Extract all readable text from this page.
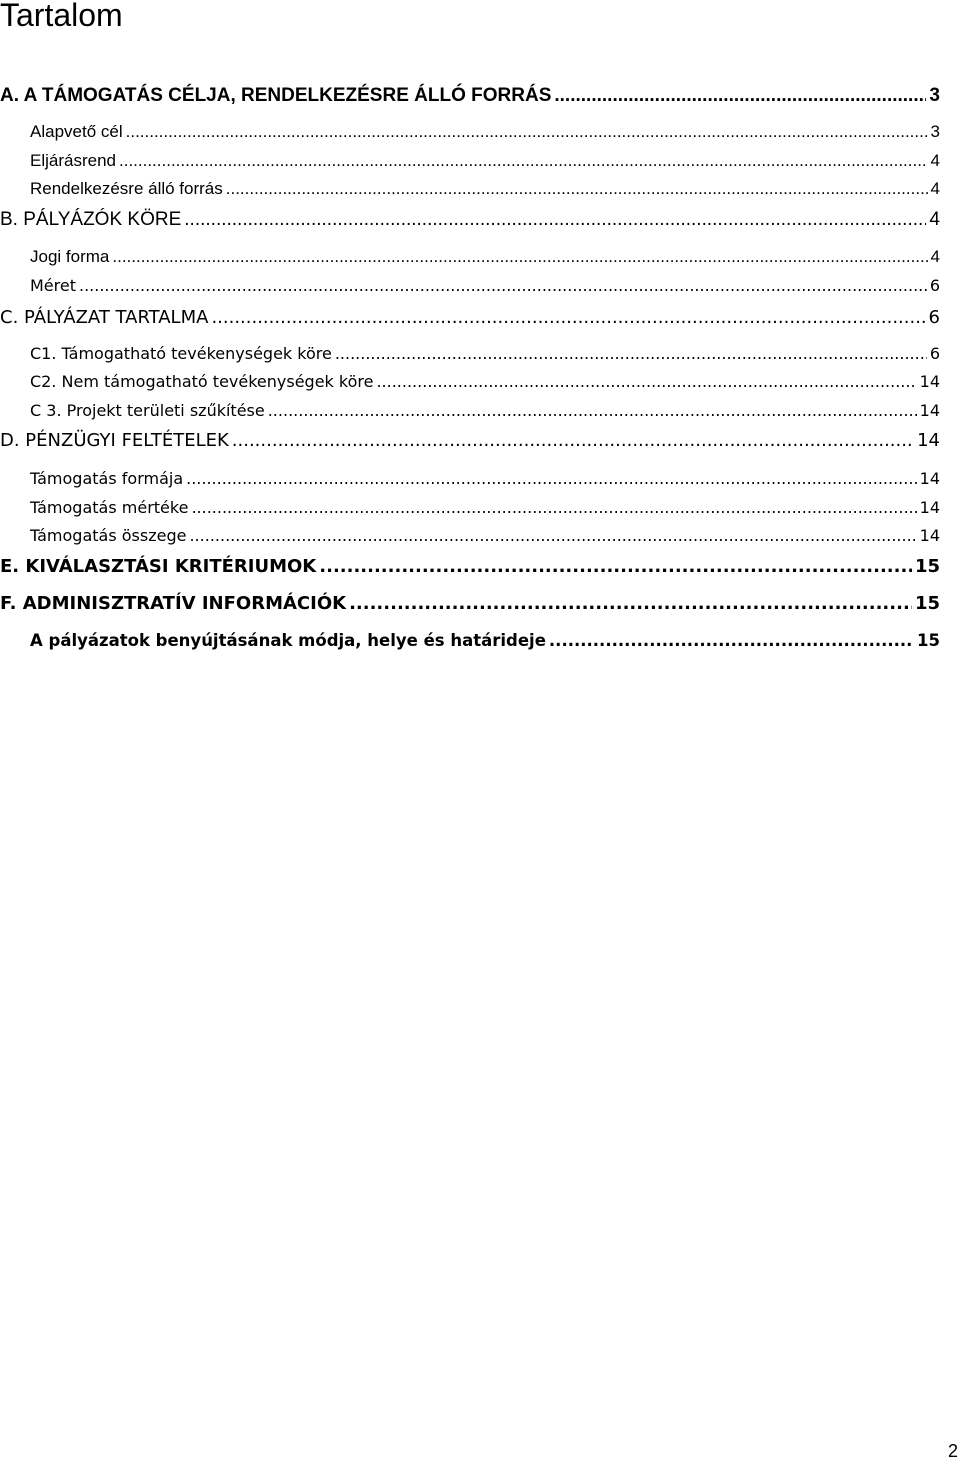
Tartalom
A. A TÁMOGATÁS CÉLJA, RENDELKEZÉSRE ÁLLÓ FORRÁS .....	3
Alapvető cél .....	3
Eljárásrend .....	4
Rendelkezésre álló forrás .....	4
B. PÁLYÁZÓK KÖRE .....	4
Jogi forma .....	4
Méret .....	6
C. PÁLYÁZAT TARTALMA .....	6
C1. Támogatható tevékenységek köre .....	6
C2. Nem támogatható tevékenységek köre .....	14
C 3. Projekt területi szűkítése .....	14
D. PÉNZÜGYI FELTÉTELEK .....	14
Támogatás formája .....	14
Támogatás mértéke .....	14
Támogatás összege .....	14
E. KIVÁLASZTÁSI KRITÉRIUMOK .....	15
F. ADMINISZTRATÍV INFORMÁCIÓK .....	15
A pályázatok benyújtásának módja, helye és határideje .....	15
2
